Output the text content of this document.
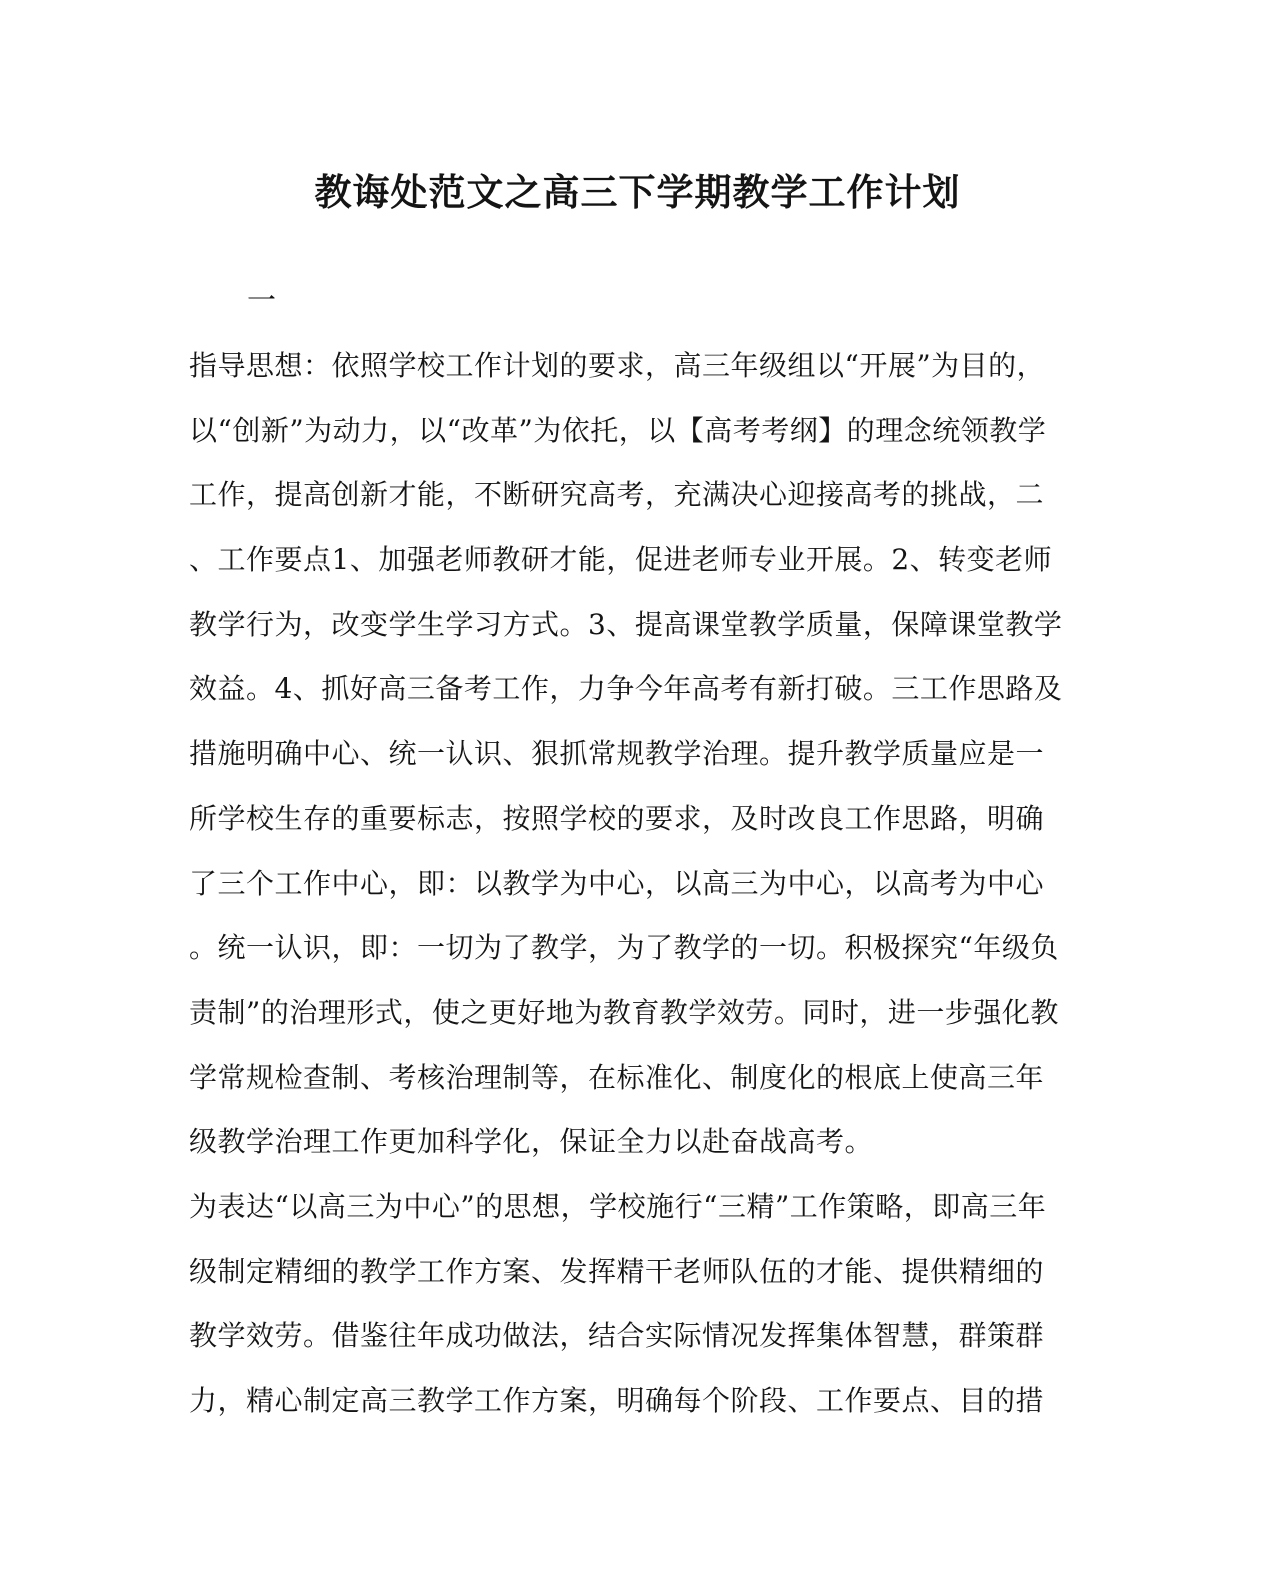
教诲处范文之高三下学期教学工作计划
一
指导思想：依照学校工作计划的要求，高三年级组以“开展”为目的，
以“创新”为动力，以“改革”为依托，以【高考考纲】的理念统领教学
工作，提高创新才能，不断研究高考，充满决心迎接高考的挑战，二
、工作要点1、加强老师教研才能，促进老师专业开展。2、转变老师
教学行为，改变学生学习方式。3、提高课堂教学质量，保障课堂教学
效益。4、抓好高三备考工作，力争今年高考有新打破。三工作思路及
措施明确中心、统一认识、狠抓常规教学治理。提升教学质量应是一
所学校生存的重要标志，按照学校的要求，及时改良工作思路，明确
了三个工作中心，即：以教学为中心，以高三为中心，以高考为中心
。统一认识，即：一切为了教学，为了教学的一切。积极探究“年级负
责制”的治理形式，使之更好地为教育教学效劳。同时，进一步强化教
学常规检查制、考核治理制等，在标准化、制度化的根底上使高三年
级教学治理工作更加科学化，保证全力以赴奋战高考。
为表达“以高三为中心”的思想，学校施行“三精”工作策略，即高三年
级制定精细的教学工作方案、发挥精干老师队伍的才能、提供精细的
教学效劳。借鉴往年成功做法，结合实际情况发挥集体智慧，群策群
力，精心制定高三教学工作方案，明确每个阶段、工作要点、目的措
